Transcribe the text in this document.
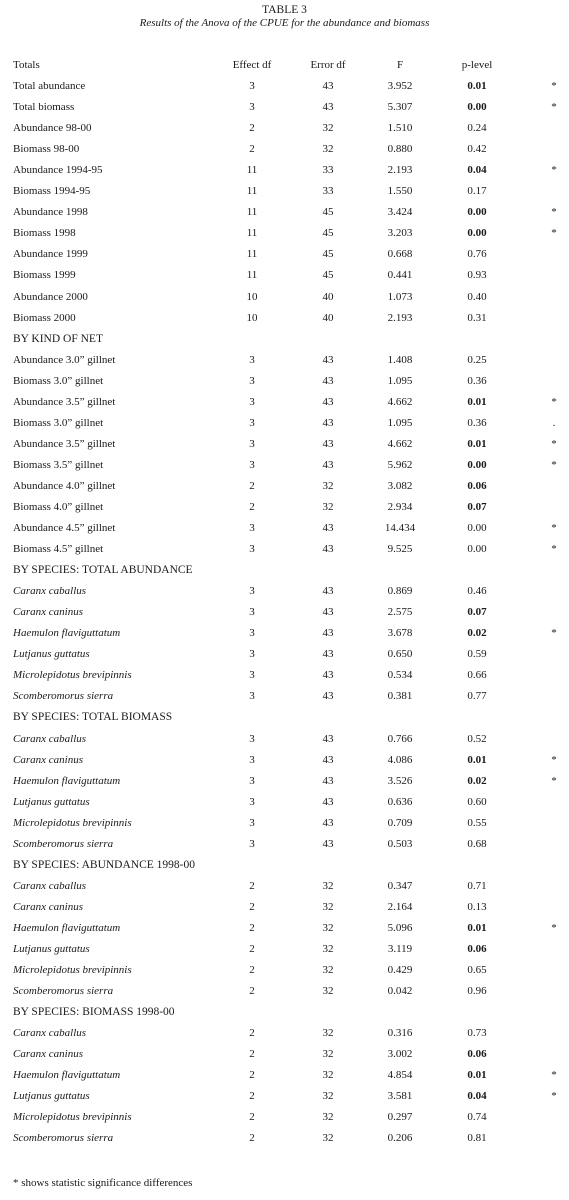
TABLE 3
Results of the Anova of the CPUE for the abundance and biomass
Totals	Effect df	Error df	F	p-level
Total abundance	3	43	3.952	0.01	*
Total biomass	3	43	5.307	0.00	*
Abundance 98-00	2	32	1.510	0.24
Biomass 98-00	2	32	0.880	0.42
Abundance 1994-95	11	33	2.193	0.04	*
Biomass 1994-95	11	33	1.550	0.17
Abundance 1998	11	45	3.424	0.00	*
Biomass 1998	11	45	3.203	0.00	*
Abundance 1999	11	45	0.668	0.76
Biomass 1999	11	45	0.441	0.93
Abundance 2000	10	40	1.073	0.40
Biomass 2000	10	40	2.193	0.31
BY KIND OF NET
Abundance 3.0” gillnet	3	43	1.408	0.25
Biomass 3.0” gillnet	3	43	1.095	0.36
Abundance 3.5” gillnet	3	43	4.662	0.01	*
Biomass 3.0” gillnet	3	43	1.095	0.36	.
Abundance 3.5” gillnet	3	43	4.662	0.01	*
Biomass 3.5” gillnet	3	43	5.962	0.00	*
Abundance 4.0” gillnet	2	32	3.082	0.06
Biomass 4.0” gillnet	2	32	2.934	0.07
Abundance 4.5” gillnet	3	43	14.434	0.00	*
Biomass 4.5” gillnet	3	43	9.525	0.00	*
BY SPECIES: TOTAL ABUNDANCE
Caranx caballus	3	43	0.869	0.46
Caranx caninus	3	43	2.575	0.07
Haemulon flaviguttatum	3	43	3.678	0.02	*
Lutjanus guttatus	3	43	0.650	0.59
Microlepidotus brevipinnis	3	43	0.534	0.66
Scomberomorus sierra	3	43	0.381	0.77
BY SPECIES: TOTAL BIOMASS
Caranx caballus	3	43	0.766	0.52
Caranx caninus	3	43	4.086	0.01	*
Haemulon flaviguttatum	3	43	3.526	0.02	*
Lutjanus guttatus	3	43	0.636	0.60
Microlepidotus brevipinnis	3	43	0.709	0.55
Scomberomorus sierra	3	43	0.503	0.68
BY SPECIES: ABUNDANCE 1998-00
Caranx caballus	2	32	0.347	0.71
Caranx caninus	2	32	2.164	0.13
Haemulon flaviguttatum	2	32	5.096	0.01	*
Lutjanus guttatus	2	32	3.119	0.06
Microlepidotus brevipinnis	2	32	0.429	0.65
Scomberomorus sierra	2	32	0.042	0.96
BY SPECIES: BIOMASS 1998-00
Caranx caballus	2	32	0.316	0.73
Caranx caninus	2	32	3.002	0.06
Haemulon flaviguttatum	2	32	4.854	0.01	*
Lutjanus guttatus	2	32	3.581	0.04	*
Microlepidotus brevipinnis	2	32	0.297	0.74
Scomberomorus sierra	2	32	0.206	0.81
* shows statistic significance differences
